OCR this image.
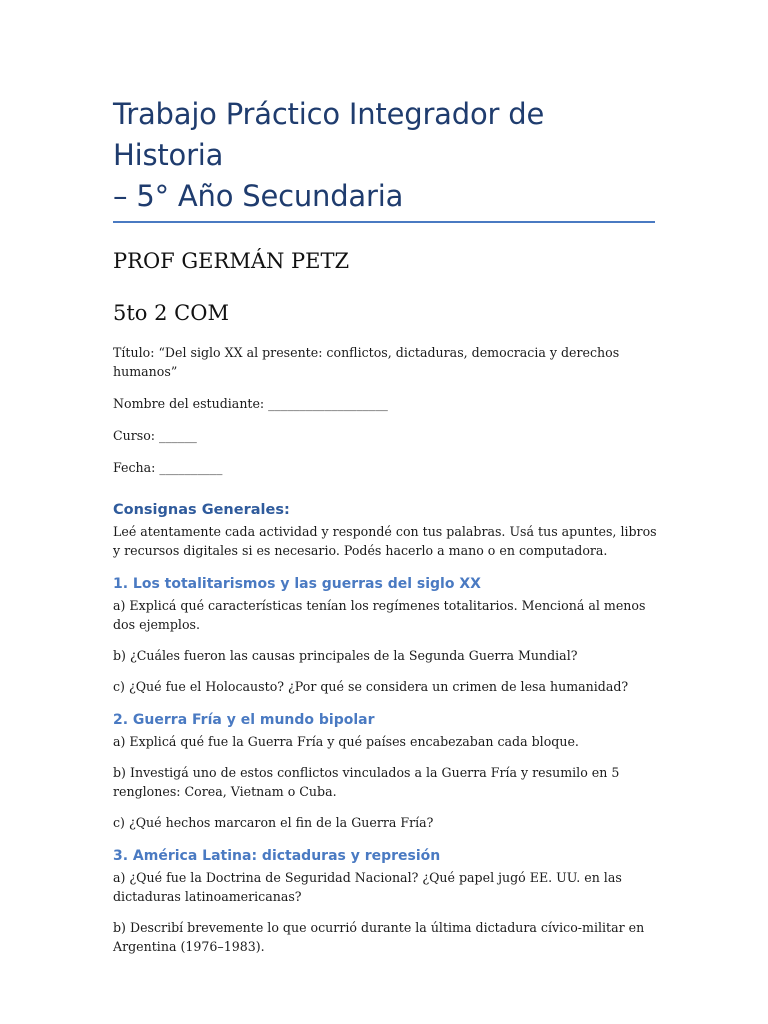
Trabajo Práctico Integrador de Historia
– 5° Año Secundaria

PROF GERMÁN PETZ

5to 2 COM

Título: “Del siglo XX al presente: conflictos, dictaduras, democracia y derechos humanos”

Nombre del estudiante: ___________________

Curso: ______

Fecha: __________

Consignas Generales:

Leé atentamente cada actividad y respondé con tus palabras. Usá tus apuntes, libros y recursos digitales si es necesario. Podés hacerlo a mano o en computadora.

1. Los totalitarismos y las guerras del siglo XX

a) Explicá qué características tenían los regímenes totalitarios. Mencioná al menos dos ejemplos.

b) ¿Cuáles fueron las causas principales de la Segunda Guerra Mundial?

c) ¿Qué fue el Holocausto? ¿Por qué se considera un crimen de lesa humanidad?

2. Guerra Fría y el mundo bipolar

a) Explicá qué fue la Guerra Fría y qué países encabezaban cada bloque.

b) Investigá uno de estos conflictos vinculados a la Guerra Fría y resumilo en 5 renglones: Corea, Vietnam o Cuba.

c) ¿Qué hechos marcaron el fin de la Guerra Fría?

3. América Latina: dictaduras y represión

a) ¿Qué fue la Doctrina de Seguridad Nacional? ¿Qué papel jugó EE. UU. en las dictaduras latinoamericanas?

b) Describí brevemente lo que ocurrió durante la última dictadura cívico-militar en Argentina (1976–1983).
